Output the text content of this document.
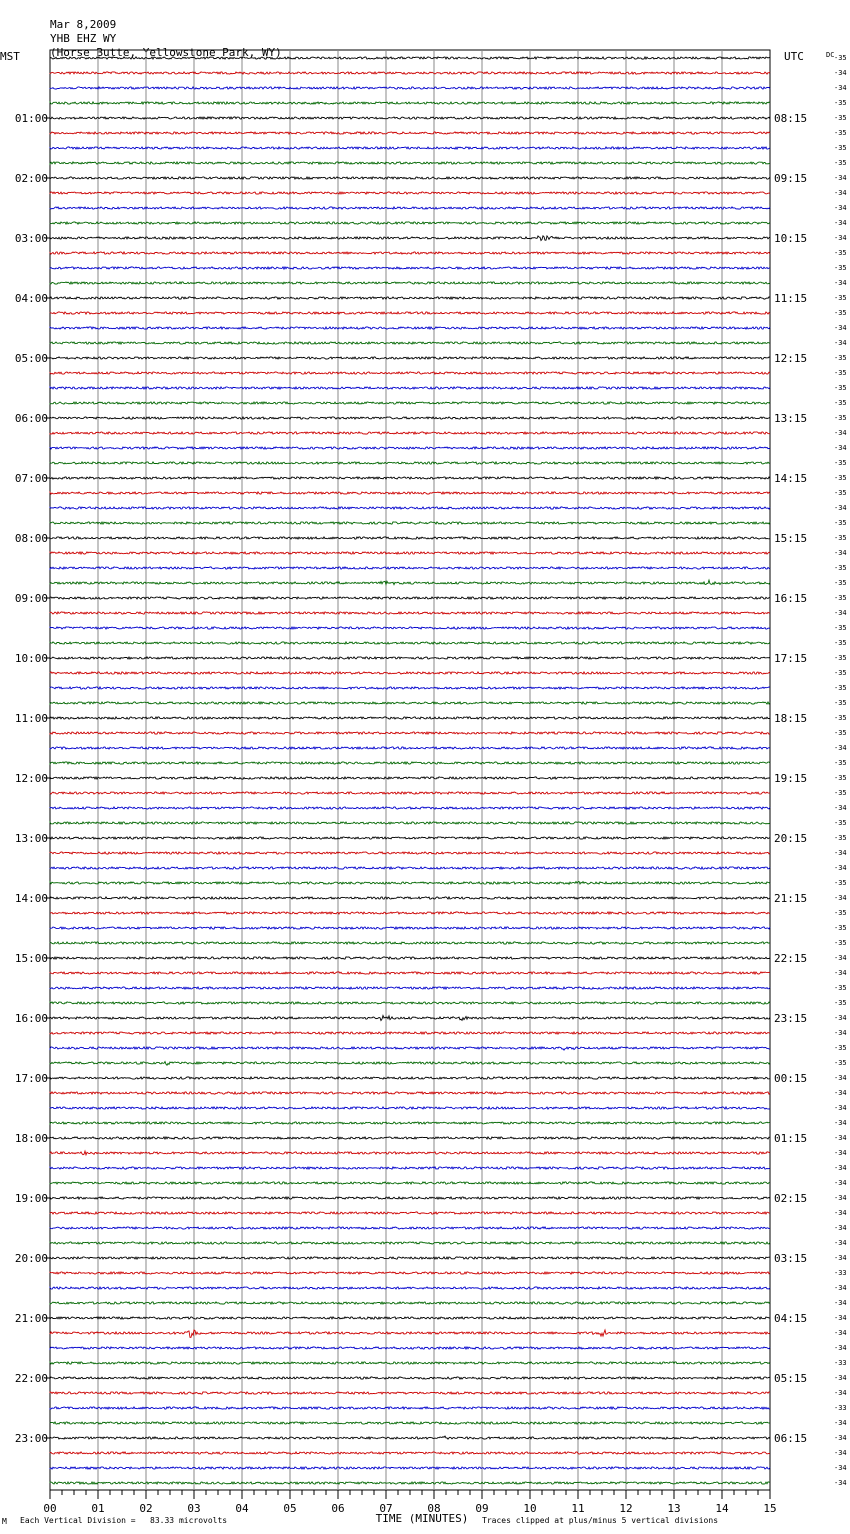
Mar 8,2009
YHB EHZ WY
(Horse Butte, Yellowstone Park, WY)
MST	UTC
01:00
02:00
03:00
04:00
05:00
06:00
07:00
08:00
09:00
10:00
11:00
12:00
13:00
14:00
15:00
16:00
17:00
18:00
19:00
20:00
21:00
22:00
23:00
08:15
09:15
10:15
11:15
12:15
13:15
14:15
15:15
16:15
17:15
18:15
19:15
20:15
21:15
22:15
23:15
00:15
01:15
02:15
03:15
04:15
05:15
06:15
DC -35
-34
-34
-35
-35
-35
-35
-35
-34
-34
-34
-34
-34
-35
-35
-34
-35
-35
-34
-34
-35
-35
-35
-35
-35
-34
-34
-35
-35
-35
-34
-35
-35
-34
-35
-35
-35
-34
-35
-35
-35
-35
-35
-35
-35
-35
-34
-35
-35
-35
-34
-35
-35
-34
-34
-35
-34
-35
-35
-35
-34
-34
-35
-35
-34
-34
-35
-35
-34
-34
-34
-34
-34
-34
-34
-34
-34
-34
-34
-34
-34
-33
-34
-34
-34
-34
-34
-33
-34
-34
-33
-34
-34
-34
-34
-34
00	01	02	03	04	05	06	07	08	09	10	11	12	13	14	15
TIME (MINUTES)
M Each Vertical Division =   83.33 microvolts	Traces clipped at plus/minus 5 vertical divisions
